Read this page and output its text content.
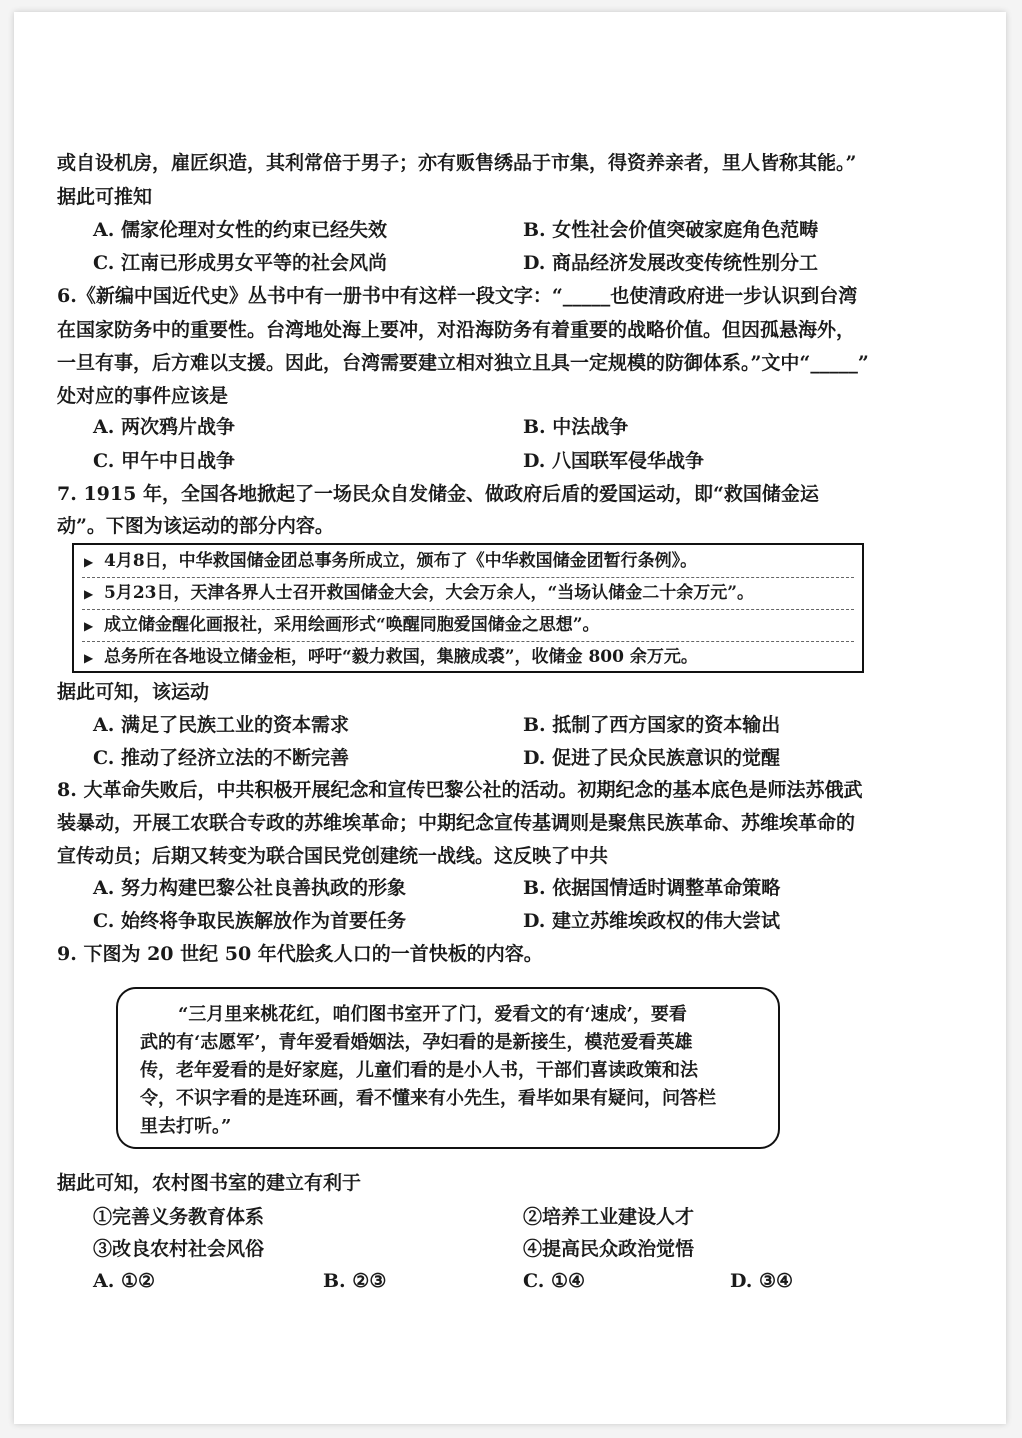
或自设机房，雇匠织造，其利常倍于男子；亦有贩售绣品于市集，得资养亲者，里人皆称其能。”
据此可推知
A. 儒家伦理对女性的约束已经失效	B. 女性社会价值突破家庭角色范畴
C. 江南已形成男女平等的社会风尚	D. 商品经济发展改变传统性别分工
6.《新编中国近代史》丛书中有一册书中有这样一段文字：“_____也使清政府进一步认识到台湾
在国家防务中的重要性。台湾地处海上要冲，对沿海防务有着重要的战略价值。但因孤悬海外，
一旦有事，后方难以支援。因此，台湾需要建立相对独立且具一定规模的防御体系。”文中“_____”
处对应的事件应该是
A. 两次鸦片战争	B. 中法战争
C. 甲午中日战争	D. 八国联军侵华战争
7. 1915 年，全国各地掀起了一场民众自发储金、做政府后盾的爱国运动，即“救国储金运
动”。下图为该运动的部分内容。
▶ 4月8日，中华救国储金团总事务所成立，颁布了《中华救国储金团暂行条例》。
▶ 5月23日，天津各界人士召开救国储金大会，大会万余人，“当场认储金二十余万元”。
▶ 成立储金醒化画报社，采用绘画形式“唤醒同胞爱国储金之思想”。
▶ 总务所在各地设立储金柜，呼吁“毅力救国，集腋成裘”，收储金 800 余万元。
据此可知，该运动
A. 满足了民族工业的资本需求	B. 抵制了西方国家的资本输出
C. 推动了经济立法的不断完善	D. 促进了民众民族意识的觉醒
8. 大革命失败后，中共积极开展纪念和宣传巴黎公社的活动。初期纪念的基本底色是师法苏俄武
装暴动，开展工农联合专政的苏维埃革命；中期纪念宣传基调则是聚焦民族革命、苏维埃革命的
宣传动员；后期又转变为联合国民党创建统一战线。这反映了中共
A. 努力构建巴黎公社良善执政的形象	B. 依据国情适时调整革命策略
C. 始终将争取民族解放作为首要任务	D. 建立苏维埃政权的伟大尝试
9. 下图为 20 世纪 50 年代脍炙人口的一首快板的内容。
“三月里来桃花红，咱们图书室开了门，爱看文的有‘速成’，要看
武的有‘志愿军’，青年爱看婚姻法，孕妇看的是新接生，模范爱看英雄
传，老年爱看的是好家庭，儿童们看的是小人书，干部们喜读政策和法
令，不识字看的是连环画，看不懂来有小先生，看毕如果有疑问，问答栏
里去打听。”
据此可知，农村图书室的建立有利于
①完善义务教育体系	②培养工业建设人才
③改良农村社会风俗	④提高民众政治觉悟
A. ①②	B. ②③	C. ①④	D. ③④
